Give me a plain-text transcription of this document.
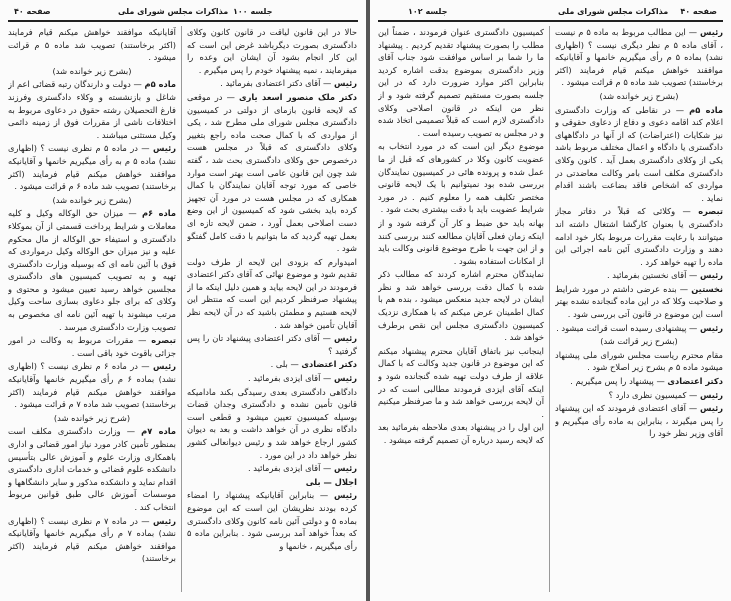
صفحه ۴۰	مذاکرات مجلس شورای ملی جلسه ۱۰۰

آقایانیکه موافقند خواهش میکنم قیام فرمایند (اکثر برخاستند) تصویب شد ماده ۵ م قرائت میشود .

(بشرح زیر خوانده شد)

ماده ۵م — دولت و دارندگان رتبه قضائی اعم از شاغل و بازنشسته و وکلاء دادگستری وفرزند فارغ التحصیلان رشته حقوق در دعاوی مربوط به اختلافات ناشی از مقررات فوق از زمینه دائمی وکیل مستثنی میباشند .

رئیس — در ماده ۵ م نظری نیست ؟ (اظهاری نشد) ماده ۵ م به رأی میگیریم خانمها و آقایانیکه موافقند خواهش میکنم قیام فرمایند (اکثر برخاستند) تصویب شد ماده ۶ م قرائت میشود .

(بشرح زیر خوانده شد)

ماده ۶م — میزان حق الوکاله وکیل و کلیه معاملات و شرایط پرداخت قسمتی از آن بموکلاء دادگستری و استیفاء حق الوکاله از مال محکوم علیه و نیز میزان حق الوکاله وکیل درمواردی که فوق با آئین نامه ای که بوسیله وزارت دادگستری تهیه و به تصویب کمیسیون های دادگستری مجلسین خواهد رسید تعیین میشود و محتوی و وکلای که برای جلو دعاوی بسازی ساحت وکیل مرتب میشوند با تهیه آئین نامه ای مخصوص به تصویب وزارت دادگستری میرسد .

تبصره — مقررات مربوط به وکالت در امور جزائی باقوت خود باقی است .

رئیس — در ماده ۶ م نظری نیست ؟ (اظهاری نشد) بماده ۶ م رأی میگیریم خانمها وآقایانیکه موافقند خواهش میکنم قیام فرمایند (اکثر برخاستند) تصویب شد ماده ۷ م قرائت میشود .

(شرح زیر خوانده شد)

ماده ۷م — وزارت دادگستری مکلف است بمنظور تأمین کادر مورد نیاز امور قضائی و اداری باهمکاری وزارت علوم و آموزش عالی بتأسیس دانشکده علوم قضائی و خدمات اداری دادگستری اقدام نماید و دانشکده مذکور و سایر دانشگاهها و موسسات آموزش عالی طبق قوانین مربوط انتخاب کند .

رئیس — در ماده ۷ م نظری نیست ؟ (اظهاری نشد) بماده ۷ م رأی میگیریم خانمها وآقایانیکه موافقند خواهش میکنم قیام فرمایند (اکثر برخاستند)

حالا در این قانون لیاقت در قانون کانون وکلای دادگستری بصورت دیگرباشد غرض این است که این کار انجام بشود آن ایشان این وعده را میفرمایند ، نمیه پیشنهاد خودم را پس میگیرم .

رئیس — آقای دکتر اعتضادی بفرمائید .

دکتر ملک منصور اسعد یاری — در موقعی که لایحه قانون بازمای از دولتی در کمیسیون دادگستری مجلس شورای ملی مطرح شد ، یکی از مواردی که با کمال صحت ماده راجع بتغییر وکلای دادگستری که قبلاً در مجلس هست درخصوص حق وکلای دادگستری بحث شد ، گفته شد چون این قانون عامی است بهتر است موارد خاصی که مورد توجه آقایان نمایندگان با کمال همکاری که در مجلس هست در مورد آن تجهیز کرده باید بخشی شود که کمیسیون از این وضع دست اصلاحی بعمل آورد ، ضمن لایحه تازه ای بعمل تهیه گردید که ما بتوانیم با دقت کامل گفتگو شود .

امیدوارم که بزودی این لایحه از طرف دولت تقدیم شود و موضوع نهائی که آقای دکتر اعتضادی فرمودند در این لایحه بیاید و همین دلیل اینکه ما از پیشنهاد صرفنظر کردیم این است که منتظر این لایحه هستیم و مطمئن باشید که در آن لایحه نظر آقایان تأمین خواهد شد .

رئیس — آقای دکتر اعتضادی پیشنهاد تان را پس گرفتید ؟

دکتر اعتضادی — بلی .

رئیس — آقای ایزدی بفرمائید .

دادگاهی دادگستری بعدی رسیدگی بکند مادامیکه قانون تأمین نشده و دادگستری وجدان قضات بوسیله کمیسیون تعیین میشود و قطعی است دادگاه نظری در آن خواهد داشت و بعد به دیوان کشور ارجاع خواهد شد و رئیس دیوانعالی کشور نظر خواهد داد در این مورد .

رئیس — آقای ایزدی بفرمائید .

اجلال — بلی

رئیس — بنابراین آقایانیکه پیشنهاد را امضاء کرده بودند نظریشان این است که این موضوع بماده ۵ و دولتی آئین نامه کانون وکلای دادگستری که بعداً خواهد آمد بررسی شود . بنابراین ماده ۵ رأی میگیریم ، خانمها و

جلسه ۱۰۲	مذاکرات مجلس شورای ملی صفحه ۴۰

کمیسیون دادگستری عنوان فرمودند ، ضمناً این مطلب را بصورت پیشنهاد تقدیم کردیم . پیشنهاد ما را شما بر اساس موافقت شود جناب آقای وزیر دادگستری بموضوع بدقت اشاره کردید بنابراین اکثر موارد ضرورت دارد که در این جلسه بصورت مستقیم تصمیم گرفته شود و از نظر من اینکه در قانون اصلاحی وکلای دادگستری لازم است که قبلاً تصمیمی اتخاذ شده و در مجلس به تصویب رسیده است .

موضوع دیگر این است که در مورد انتخاب به عضویت کانون وکلا در کشورهای که قبل از ما عمل شده و پرونده هائی در کمیسیون نمایندگان بررسی شده بود نمیتوانیم با یک لایحه قانونی مختصر تکلیف همه را معلوم کنیم . در مورد شرایط عضویت باید با دقت بیشتری بحث شود .

بهانه باید حق ضبط و کار آن گرفته شود و از اینکه زمان فعلی آقایان مطالعه کنند بررسی کنند و از این جهت با طرح موضوع قانونی وکالت باید از امکانات استفاده بشود .

نمایندگان محترم اشاره کردند که مطالب ذکر شده با کمال دقت بررسی خواهد شد و نظر ایشان در لایحه جدید منعکس میشود ، بنده هم با کمال اطمینان عرض میکنم که با همکاری نزدیک کمیسیون دادگستری مجلس این نقص برطرف خواهد شد .

اینجانب نیز باتفاق آقایان محترم پیشنهاد میکنم که این موضوع در قانون جدید وکالت که با کمال علاقه از طرف دولت تهیه شده گنجانده شود و اینکه آقای ایزدی فرمودند مطالبی است که در آن لایحه بررسی خواهد شد و ما صرفنظر میکنیم .

این اول را در پیشنهاد بعدی ملاحظه بفرمائید بعد که لایحه رسید درباره آن تصمیم گرفته میشود .

رئیس — این مطالب مربوط به ماده ۵ م نیست ، آقای ماده ۵ م نظر دیگری نیست ؟ (اظهاری نشد) بماده ۵ م رأی میگیریم خانمها و آقایانیکه موافقند خواهش میکنم قیام فرمایند (اکثر برخاستند) تصویب شد ماده ۵ م قرائت میشود .

(بشرح زیر خوانده شد)

ماده ۵م — در نقاطی که وزارت دادگستری اعلام کند اقامه دعوی و دفاع از دعاوی حقوقی و نیز شکایات (اعتراضات) که از آنها در دادگاههای دادگستری یا دادگاه و اعمال مختلف مربوط باشد یکی از وکلای دادگستری بعمل آید . کانون وکلای دادگستری مکلف است بامر وکالت معاضدتی در مواردی که اشخاص فاقد بضاعت باشند اقدام نماید .

تبصره — وکلائی که قبلاً در دفاتر مجاز دادگستری یا بعنوان کارگشا اشتغال داشته اند میتوانند با رعایت مقررات مربوط بکار خود ادامه دهند و وزارت دادگستری آئین نامه اجرائی این ماده را تهیه خواهد کرد .

رئیس — آقای نخستین بفرمائید .

نخستین — بنده عرضی داشتم در مورد شرایط و صلاحیت وکلا که در این ماده گنجانده نشده بهتر است این موضوع در قانون آتی بررسی شود .

رئیس — پیشنهادی رسیده است قرائت میشود .

(بشرح زیر قرائت شد)

مقام محترم ریاست مجلس شورای ملی پیشنهاد میشود ماده ۵ م بشرح زیر اصلاح شود .

دکتر اعتضادی — پیشنهاد را پس میگیریم .

رئیس — کمیسیون نظری دارد ؟

رئیس — آقای اعتضادی فرمودند که این پیشنهاد را پس میگیرند ، بنابراین به ماده رأی میگیریم و آقای وزیر نظر خود را
